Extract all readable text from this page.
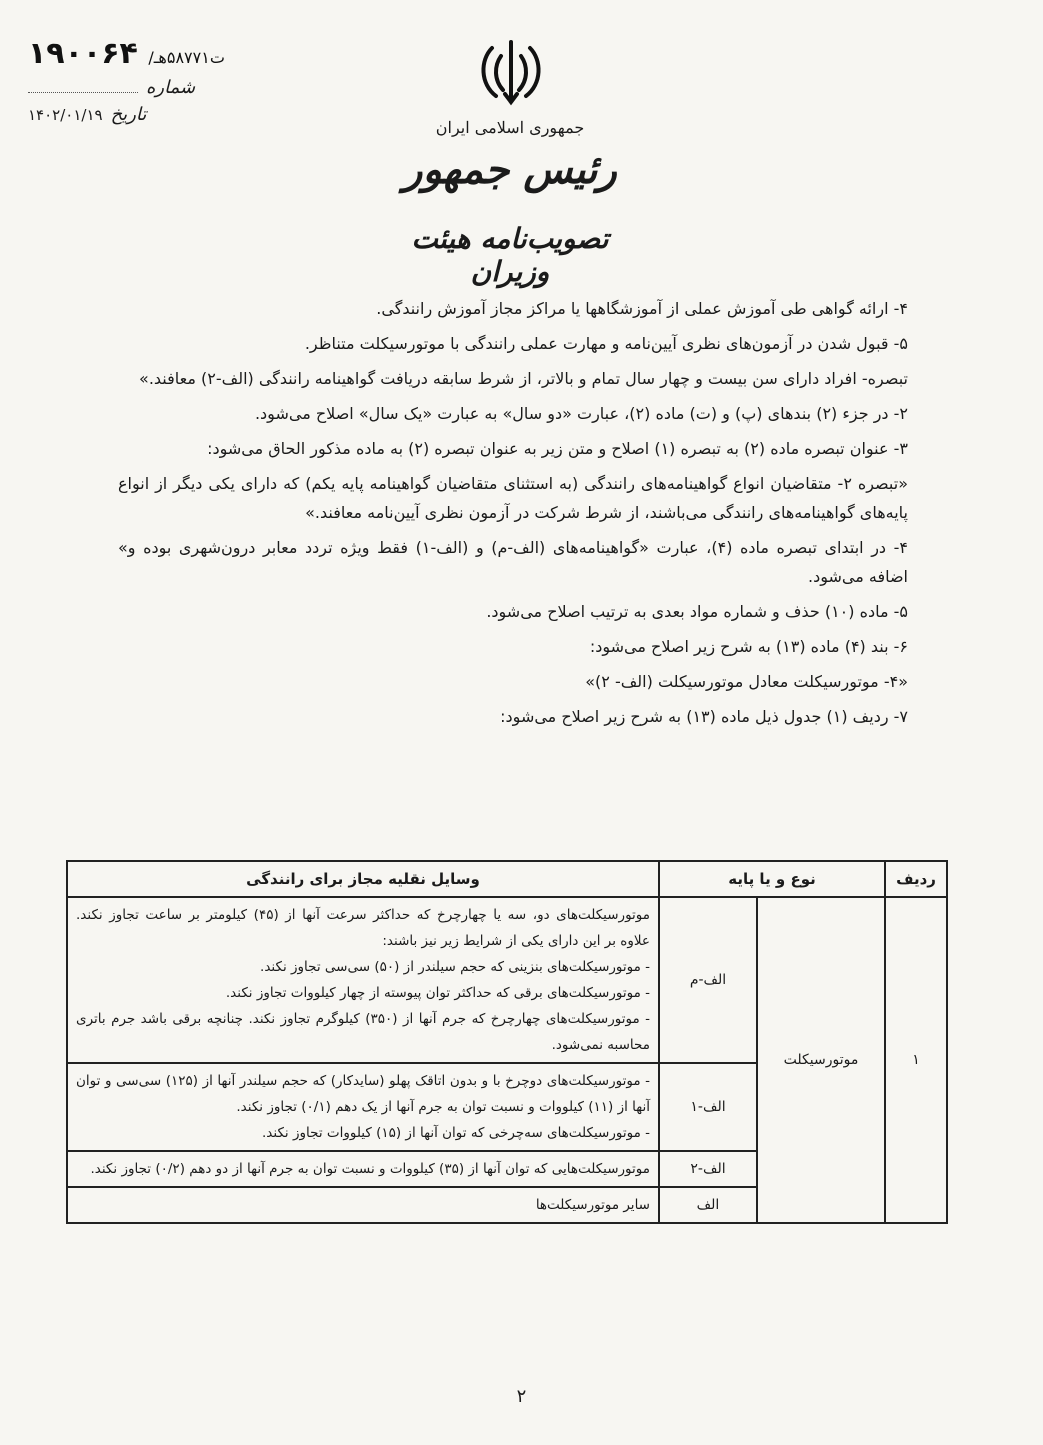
۱۹۰۰۶۴ /ت۵۸۷۷۱هـ
شماره
تاریخ
۱۴۰۲/۰۱/۱۹
جمهوری اسلامی ایران
رئیس جمهور
تصویب‌نامه هیئت وزیران

۴- ارائه گواهی طی آموزش عملی از آموزشگاهها یا مراکز مجاز آموزش رانندگی.

۵- قبول شدن در آزمون‌های نظری آیین‌نامه و مهارت عملی رانندگی با موتورسیکلت متناظر.

تبصره- افراد دارای سن بیست و چهار سال تمام و بالاتر، از شرط سابقه دریافت گواهینامه رانندگی (الف-۲) معافند.»

۲- در جزء (۲) بندهای (پ) و (ت) ماده (۲)، عبارت «دو سال» به عبارت «یک سال» اصلاح می‌شود.

۳- عنوان تبصره ماده (۲) به تبصره (۱) اصلاح و متن زیر به عنوان تبصره (۲) به ماده مذکور الحاق می‌شود:

«تبصره ۲- متقاضیان انواع گواهینامه‌های رانندگی (به استثنای متقاضیان گواهینامه پایه یکم) که دارای یکی دیگر از انواع پایه‌های گواهینامه‌های رانندگی می‌باشند، از شرط شرکت در آزمون نظری آیین‌نامه معافند.»

۴- در ابتدای تبصره ماده (۴)، عبارت «گواهینامه‌های (الف-م) و (الف-۱) فقط ویژه تردد معابر درون‌شهری بوده و» اضافه می‌شود.

۵- ماده (۱۰) حذف و شماره مواد بعدی به ترتیب اصلاح می‌شود.

۶- بند (۴) ماده (۱۳) به شرح زیر اصلاح می‌شود:

«۴- موتورسیکلت معادل موتورسیکلت (الف- ۲)»

۷- ردیف (۱) جدول ذیل ماده (۱۳) به شرح زیر اصلاح می‌شود:

ردیف	نوع و یا پایه		وسایل نقلیه مجاز برای رانندگی
۱	موتورسیکلت	الف-م	موتورسیکلت‌های دو، سه یا چهارچرخ که حداکثر سرعت آنها از (۴۵) کیلومتر بر ساعت تجاوز نکند. علاوه بر این دارای یکی از شرایط زیر نیز باشند:
- موتورسیکلت‌های بنزینی که حجم سیلندر از (۵۰) سی‌سی تجاوز نکند.
- موتورسیکلت‌های برقی که حداکثر توان پیوسته از چهار کیلووات تجاوز نکند.
- موتورسیکلت‌های چهارچرخ که جرم آنها از (۳۵۰) کیلوگرم تجاوز نکند. چنانچه برقی باشد جرم باتری محاسبه نمی‌شود.

		الف-۱	- موتورسیکلت‌های دوچرخ با و بدون اتاقک پهلو (سایدکار) که حجم سیلندر آنها از (۱۲۵) سی‌سی و توان آنها از (۱۱) کیلووات و نسبت توان به جرم آنها از یک دهم (۰/۱) تجاوز نکند.
- موتورسیکلت‌های سه‌چرخی که توان آنها از (۱۵) کیلووات تجاوز نکند.

		الف-۲	موتورسیکلت‌هایی که توان آنها از (۳۵) کیلووات و نسبت توان به جرم آنها از دو دهم (۰/۲) تجاوز نکند.

		الف	سایر موتورسیکلت‌ها
۲
